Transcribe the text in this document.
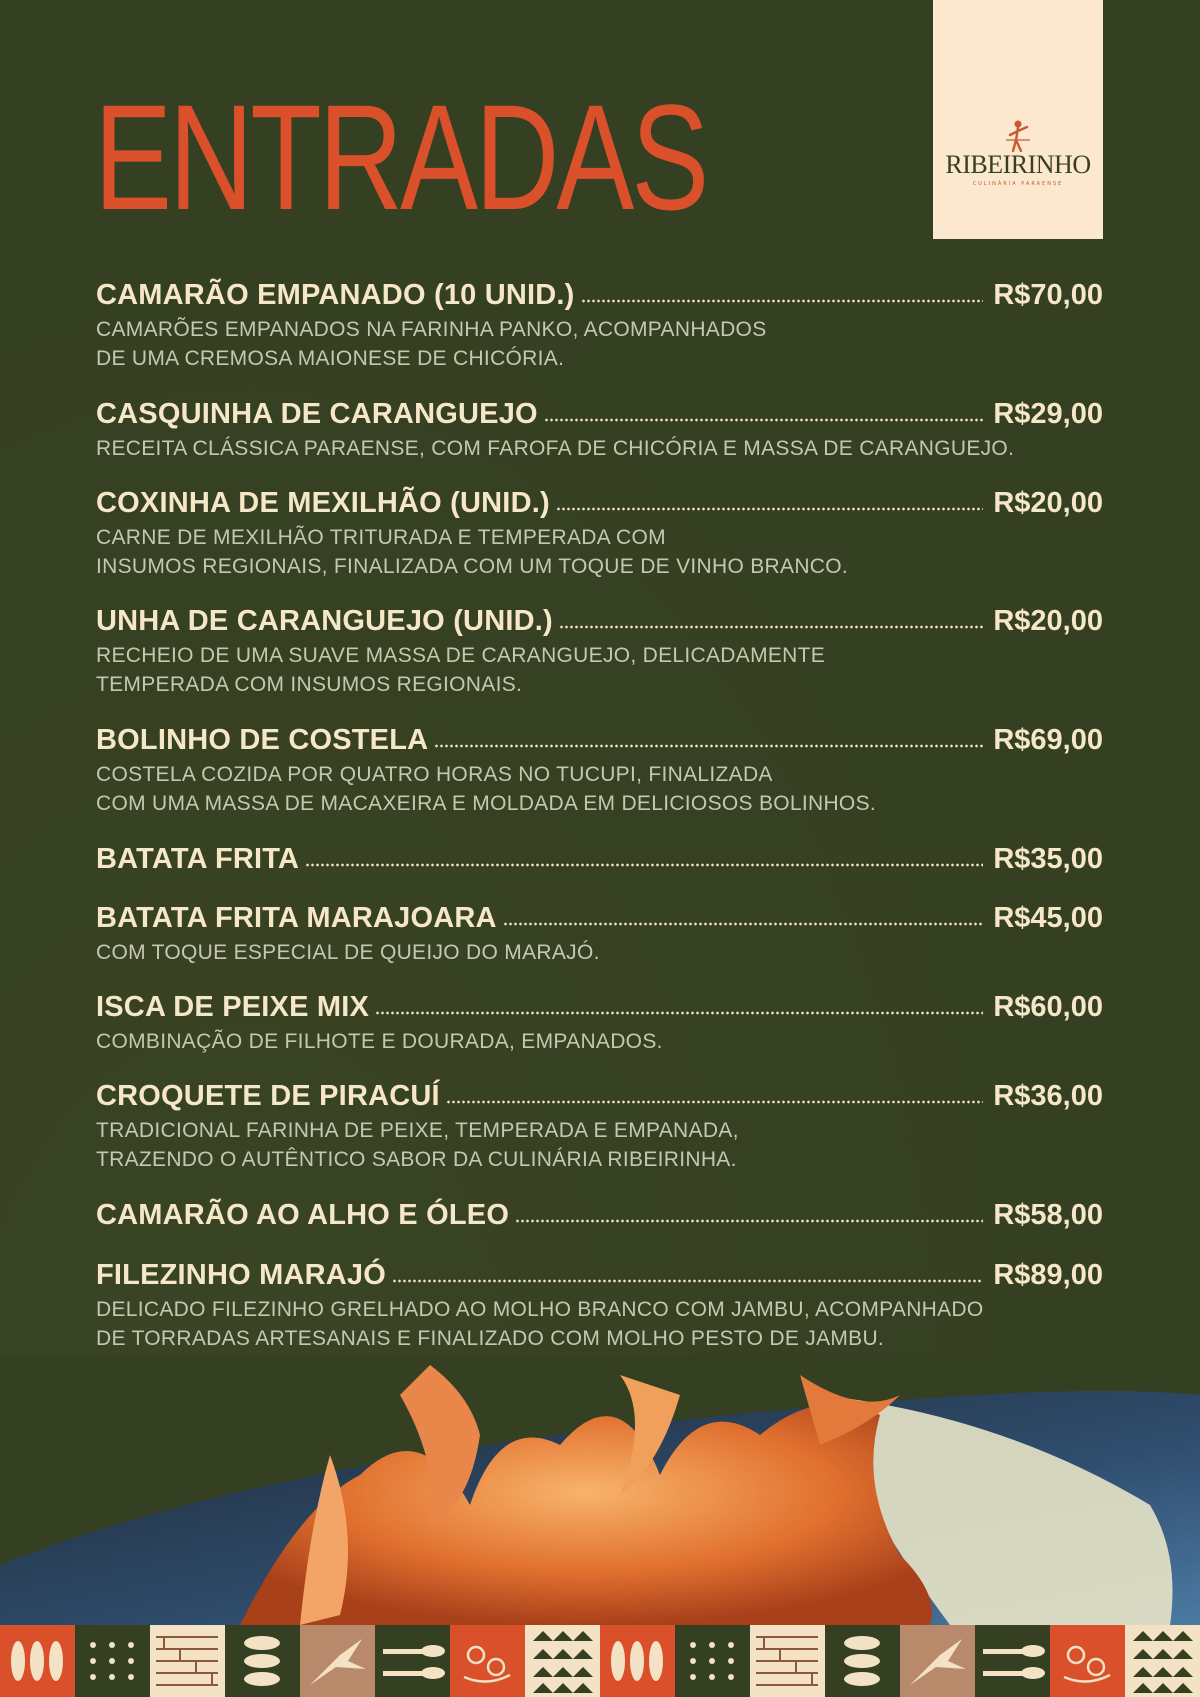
ENTRADAS	RIBEIRINHO
CULINÁRIA PARAENSE
CAMARÃO EMPANADO (10 UNID.)	R$70,00
CAMARÕES EMPANADOS NA FARINHA PANKO, ACOMPANHADOS
DE UMA CREMOSA MAIONESE DE CHICÓRIA.
CASQUINHA DE CARANGUEJO	R$29,00
RECEITA CLÁSSICA PARAENSE, COM FAROFA DE CHICÓRIA E MASSA DE CARANGUEJO.
COXINHA DE MEXILHÃO (UNID.)	R$20,00
CARNE DE MEXILHÃO TRITURADA E TEMPERADA COM
INSUMOS REGIONAIS, FINALIZADA COM UM TOQUE DE VINHO BRANCO.
UNHA DE CARANGUEJO (UNID.)	R$20,00
RECHEIO DE UMA SUAVE MASSA DE CARANGUEJO, DELICADAMENTE
TEMPERADA COM INSUMOS REGIONAIS.
BOLINHO DE COSTELA	R$69,00
COSTELA COZIDA POR QUATRO HORAS NO TUCUPI, FINALIZADA
COM UMA MASSA DE MACAXEIRA E MOLDADA EM DELICIOSOS BOLINHOS.
BATATA FRITA	R$35,00
BATATA FRITA MARAJOARA	R$45,00
COM TOQUE ESPECIAL DE QUEIJO DO MARAJÓ.
ISCA DE PEIXE MIX	R$60,00
COMBINAÇÃO DE FILHOTE E DOURADA, EMPANADOS.
CROQUETE DE PIRACUÍ	R$36,00
TRADICIONAL FARINHA DE PEIXE, TEMPERADA E EMPANADA,
TRAZENDO O AUTÊNTICO SABOR DA CULINÁRIA RIBEIRINHA.
CAMARÃO AO ALHO E ÓLEO	R$58,00
FILEZINHO MARAJÓ	R$89,00
DELICADO FILEZINHO GRELHADO AO MOLHO BRANCO COM JAMBU, ACOMPANHADO
DE TORRADAS ARTESANAIS E FINALIZADO COM MOLHO PESTO DE JAMBU.
